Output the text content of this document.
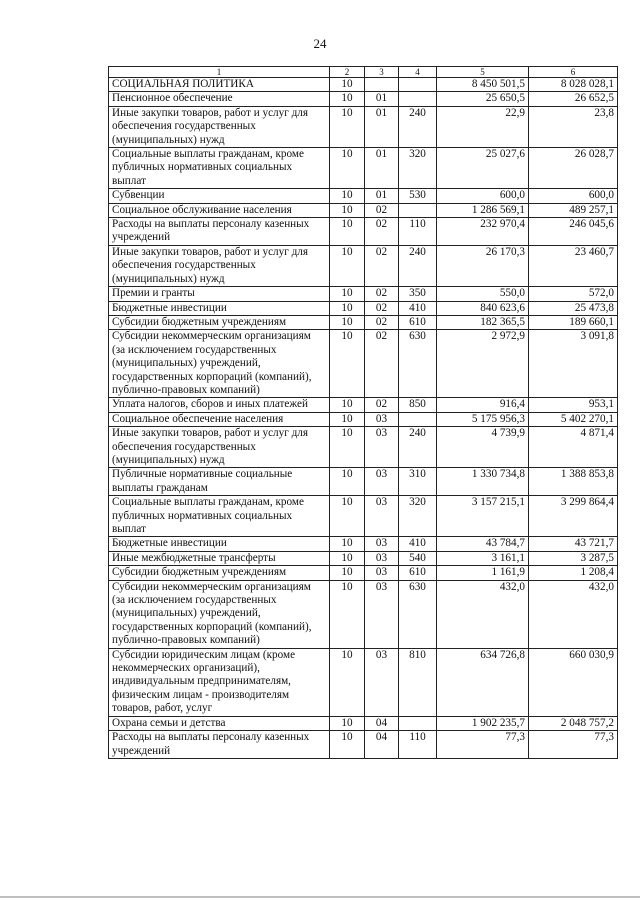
24
1	2	3	4	5	6
СОЦИАЛЬНАЯ ПОЛИТИКА	10			8 450 501,5	8 028 028,1
Пенсионное обеспечение	10	01		25 650,5	26 652,5
Иные закупки товаров, работ и услуг для обеспечения государственных (муниципальных) нужд	10	01	240	22,9	23,8
Социальные выплаты гражданам, кроме публичных нормативных социальных выплат	10	01	320	25 027,6	26 028,7
Субвенции	10	01	530	600,0	600,0
Социальное обслуживание населения	10	02		1 286 569,1	489 257,1
Расходы на выплаты персоналу казенных учреждений	10	02	110	232 970,4	246 045,6
Иные закупки товаров, работ и услуг для обеспечения государственных (муниципальных) нужд	10	02	240	26 170,3	23 460,7
Премии и гранты	10	02	350	550,0	572,0
Бюджетные инвестиции	10	02	410	840 623,6	25 473,8
Субсидии бюджетным учреждениям	10	02	610	182 365,5	189 660,1
Субсидии некоммерческим организациям (за исключением государственных (муниципальных) учреждений, государственных корпораций (компаний), публично-правовых компаний)	10	02	630	2 972,9	3 091,8
Уплата налогов, сборов и иных платежей	10	02	850	916,4	953,1
Социальное обеспечение населения	10	03		5 175 956,3	5 402 270,1
Иные закупки товаров, работ и услуг для обеспечения государственных (муниципальных) нужд	10	03	240	4 739,9	4 871,4
Публичные нормативные социальные выплаты гражданам	10	03	310	1 330 734,8	1 388 853,8
Социальные выплаты гражданам, кроме публичных нормативных социальных выплат	10	03	320	3 157 215,1	3 299 864,4
Бюджетные инвестиции	10	03	410	43 784,7	43 721,7
Иные межбюджетные трансферты	10	03	540	3 161,1	3 287,5
Субсидии бюджетным учреждениям	10	03	610	1 161,9	1 208,4
Субсидии некоммерческим организациям (за исключением государственных (муниципальных) учреждений, государственных корпораций (компаний), публично-правовых компаний)	10	03	630	432,0	432,0
Субсидии юридическим лицам (кроме некоммерческих организаций), индивидуальным предпринимателям, физическим лицам - производителям товаров, работ, услуг	10	03	810	634 726,8	660 030,9
Охрана семьи и детства	10	04		1 902 235,7	2 048 757,2
Расходы на выплаты персоналу казенных учреждений	10	04	110	77,3	77,3
